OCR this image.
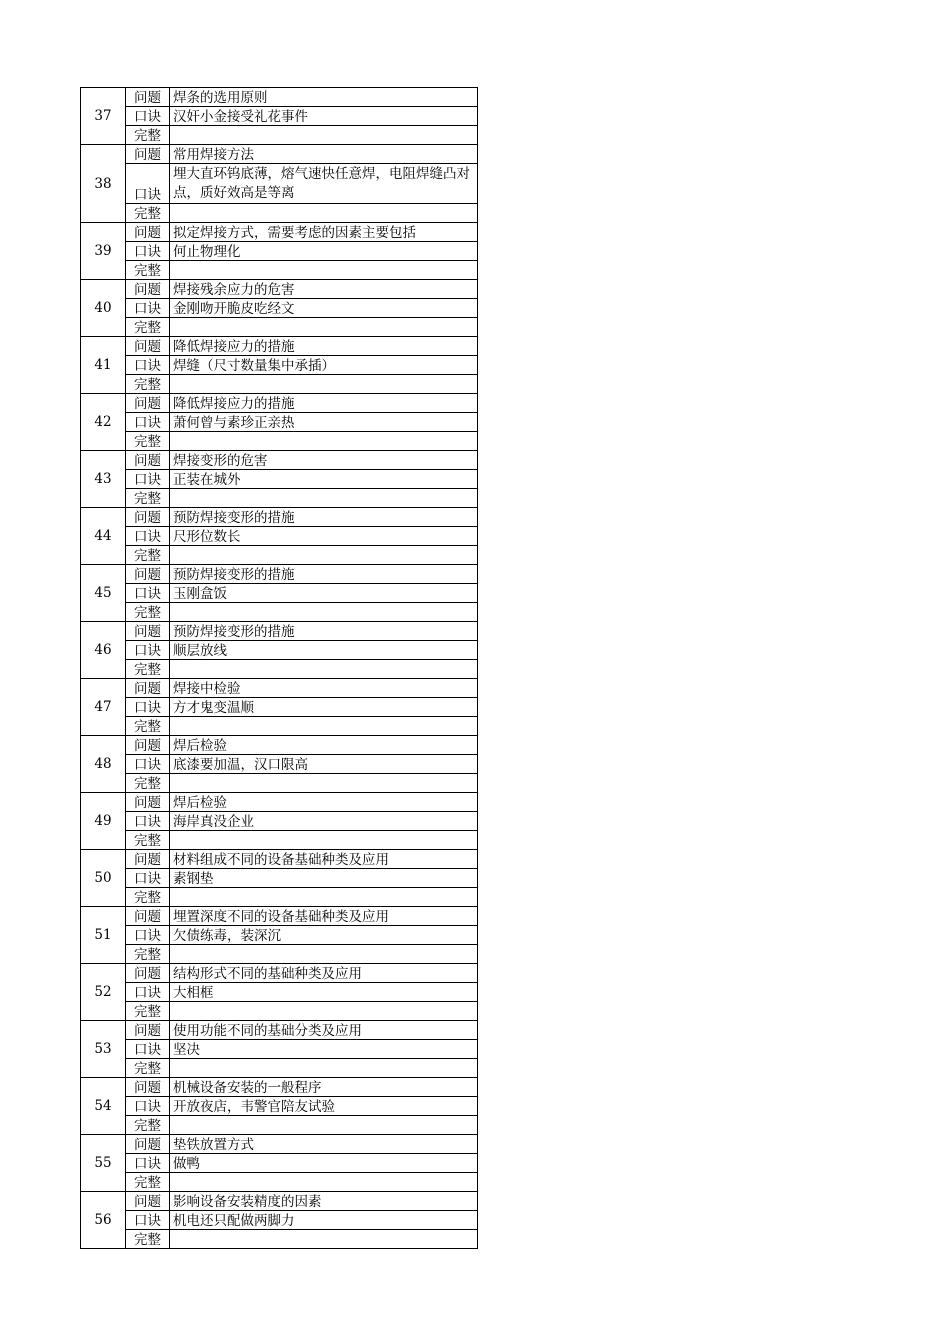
37	问题	焊条的选用原则
	口诀	汉奸小金接受礼花事件
	完整	
38	问题	常用焊接方法
	口诀	埋大直环钨底薄，熔气速快任意焊，电阻焊缝凸对点，质好效高是等离
	完整	
39	问题	拟定焊接方式，需要考虑的因素主要包括
	口诀	何止物理化
	完整	
40	问题	焊接残余应力的危害
	口诀	金刚吻开脆皮吃经文
	完整	
41	问题	降低焊接应力的措施
	口诀	焊缝（尺寸数量集中承插）
	完整	
42	问题	降低焊接应力的措施
	口诀	萧何曾与素珍正亲热
	完整	
43	问题	焊接变形的危害
	口诀	正装在城外
	完整	
44	问题	预防焊接变形的措施
	口诀	尺形位数长
	完整	
45	问题	预防焊接变形的措施
	口诀	玉刚盒饭
	完整	
46	问题	预防焊接变形的措施
	口诀	顺层放线
	完整	
47	问题	焊接中检验
	口诀	方才鬼变温顺
	完整	
48	问题	焊后检验
	口诀	底漆要加温，汉口限高
	完整	
49	问题	焊后检验
	口诀	海岸真没企业
	完整	
50	问题	材料组成不同的设备基础种类及应用
	口诀	素钢垫
	完整	
51	问题	埋置深度不同的设备基础种类及应用
	口诀	欠债练毒，装深沉
	完整	
52	问题	结构形式不同的基础种类及应用
	口诀	大相框
	完整	
53	问题	使用功能不同的基础分类及应用
	口诀	坚决
	完整	
54	问题	机械设备安装的一般程序
	口诀	开放夜店，韦警官陪友试验
	完整	
55	问题	垫铁放置方式
	口诀	做鸭
	完整	
56	问题	影响设备安装精度的因素
	口诀	机电还只配做两脚力
	完整	
